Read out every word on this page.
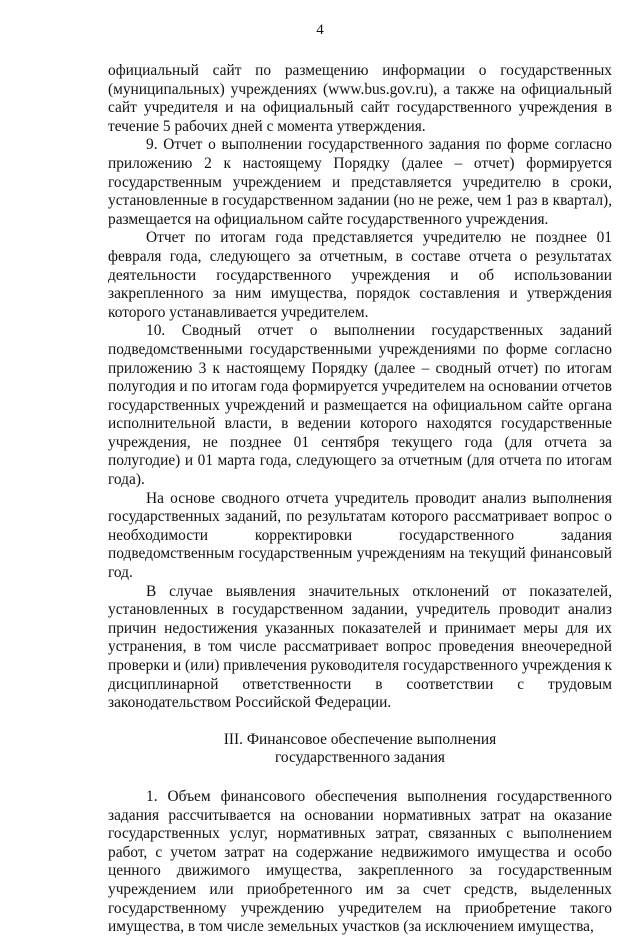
4

официальный сайт по размещению информации о государственных (муниципальных) учреждениях (www.bus.gov.ru), а также на официальный сайт учредителя и на официальный сайт государственного учреждения в течение 5 рабочих дней с момента утверждения.

9. Отчет о выполнении государственного задания по форме согласно приложению 2 к настоящему Порядку (далее – отчет) формируется государственным учреждением и представляется учредителю в сроки, установленные в государственном задании (но не реже, чем 1 раз в квартал), размещается на официальном сайте государственного учреждения.

Отчет по итогам года представляется учредителю не позднее 01 февраля года, следующего за отчетным, в составе отчета о результатах деятельности государственного учреждения и об использовании закрепленного за ним имущества, порядок составления и утверждения которого устанавливается учредителем.

10. Сводный отчет о выполнении государственных заданий подведомственными государственными учреждениями по форме согласно приложению 3 к настоящему Порядку (далее – сводный отчет) по итогам полугодия и по итогам года формируется учредителем на основании отчетов государственных учреждений и размещается на официальном сайте органа исполнительной власти, в ведении которого находятся государственные учреждения, не позднее 01 сентября текущего года (для отчета за полугодие) и 01 марта года, следующего за отчетным (для отчета по итогам года).

На основе сводного отчета учредитель проводит анализ выполнения государственных заданий, по результатам которого рассматривает вопрос о необходимости корректировки государственного задания подведомственным государственным учреждениям на текущий финансовый год.

В случае выявления значительных отклонений от показателей, установленных в государственном задании, учредитель проводит анализ причин недостижения указанных показателей и принимает меры для их устранения, в том числе рассматривает вопрос проведения внеочередной проверки и (или) привлечения руководителя государственного учреждения к дисциплинарной ответственности в соответствии с трудовым законодательством Российской Федерации.

III. Финансовое обеспечение выполнения
государственного задания

1. Объем финансового обеспечения выполнения государственного задания рассчитывается на основании нормативных затрат на оказание государственных услуг, нормативных затрат, связанных с выполнением работ, с учетом затрат на содержание недвижимого имущества и особо ценного движимого имущества, закрепленного за государственным учреждением или приобретенного им за счет средств, выделенных государственному учреждению учредителем на приобретение такого имущества, в том числе земельных участков (за исключением имущества,
